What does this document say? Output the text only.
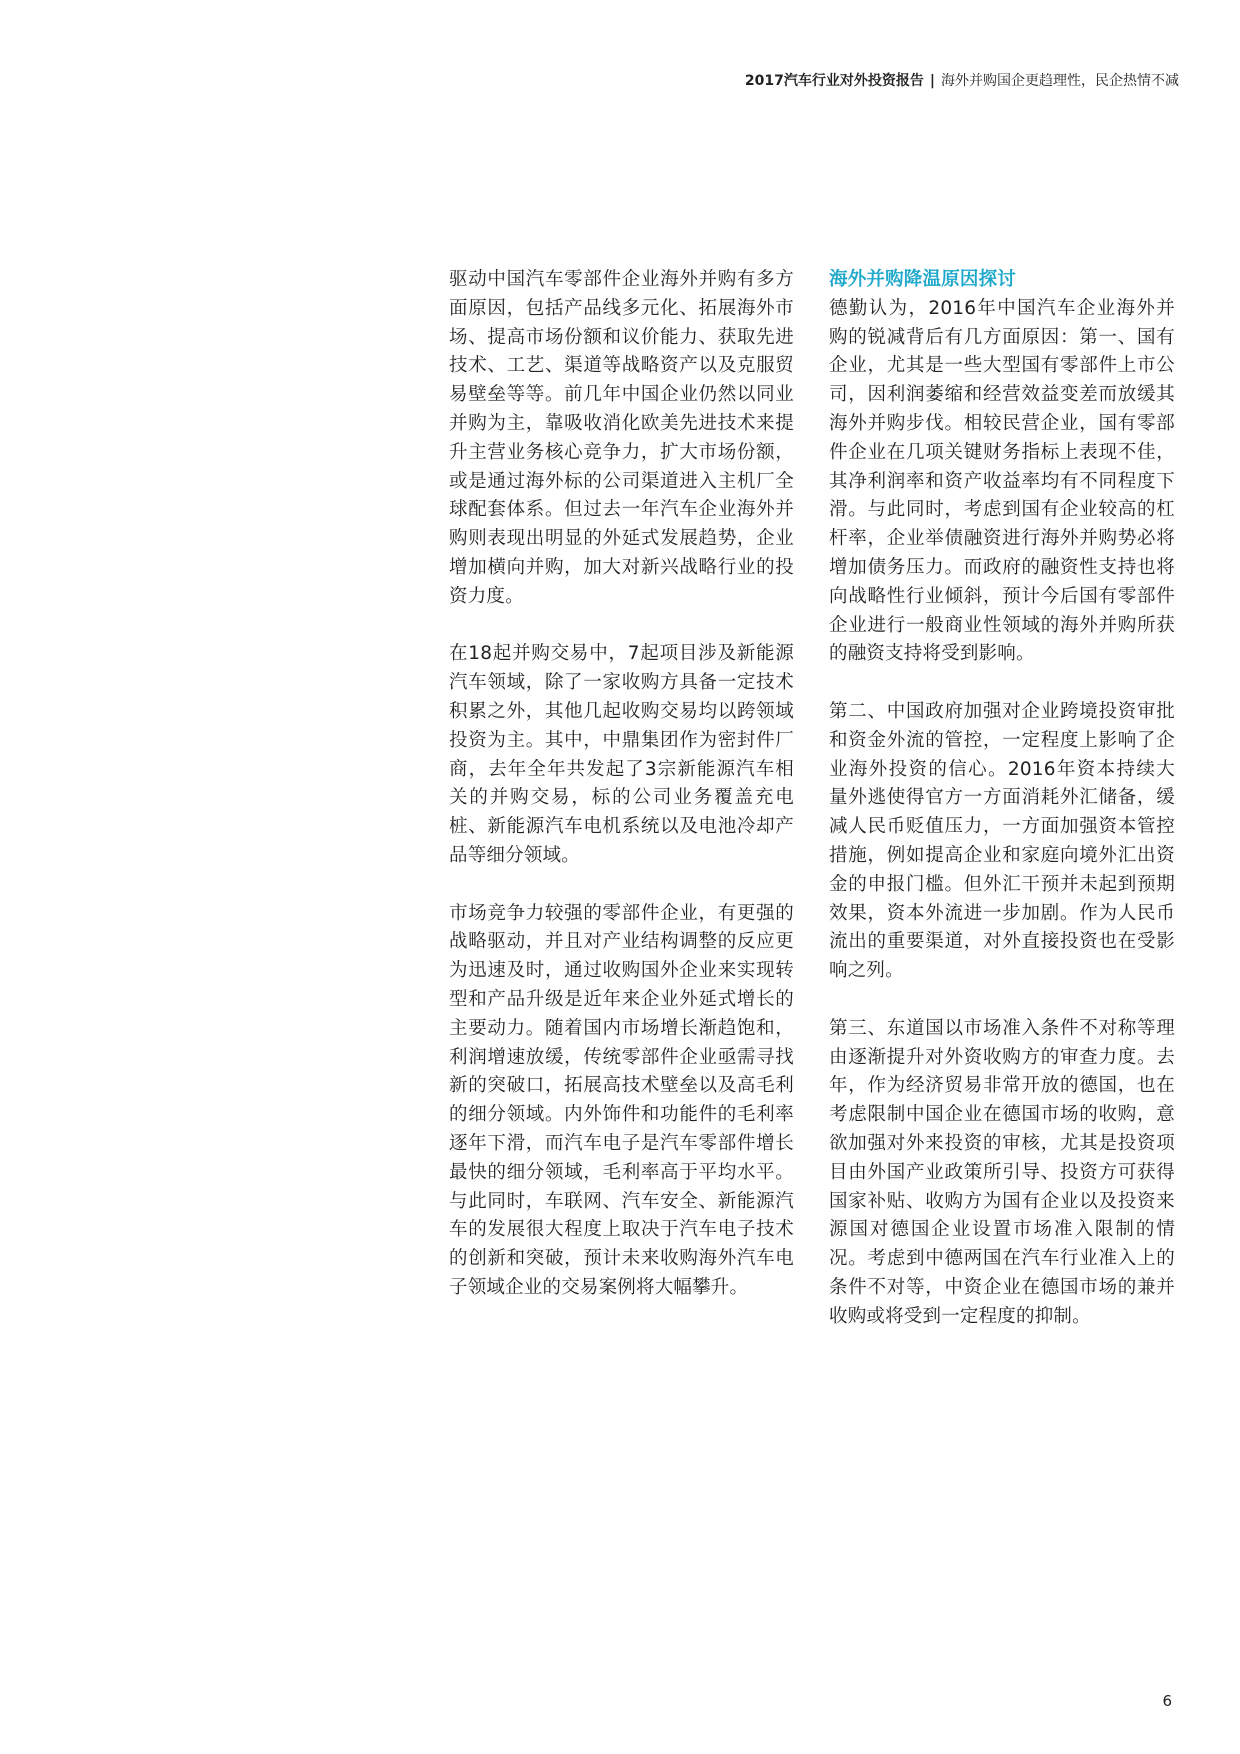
2017汽车行业对外投资报告 | 海外并购国企更趋理性，民企热情不减

驱动中国汽车零部件企业海外并购有多方面原因，包括产品线多元化、拓展海外市场、提高市场份额和议价能力、获取先进技术、工艺、渠道等战略资产以及克服贸易壁垒等等。前几年中国企业仍然以同业并购为主，靠吸收消化欧美先进技术来提升主营业务核心竞争力，扩大市场份额，或是通过海外标的公司渠道进入主机厂全球配套体系。但过去一年汽车企业海外并购则表现出明显的外延式发展趋势，企业增加横向并购，加大对新兴战略行业的投资力度。

在18起并购交易中，7起项目涉及新能源汽车领域，除了一家收购方具备一定技术积累之外，其他几起收购交易均以跨领域投资为主。其中，中鼎集团作为密封件厂商，去年全年共发起了3宗新能源汽车相关的并购交易，标的公司业务覆盖充电桩、新能源汽车电机系统以及电池冷却产品等细分领域。

市场竞争力较强的零部件企业，有更强的战略驱动，并且对产业结构调整的反应更为迅速及时，通过收购国外企业来实现转型和产品升级是近年来企业外延式增长的主要动力。随着国内市场增长渐趋饱和，利润增速放缓，传统零部件企业亟需寻找新的突破口，拓展高技术壁垒以及高毛利的细分领域。内外饰件和功能件的毛利率逐年下滑，而汽车电子是汽车零部件增长最快的细分领域，毛利率高于平均水平。与此同时，车联网、汽车安全、新能源汽车的发展很大程度上取决于汽车电子技术的创新和突破，预计未来收购海外汽车电子领域企业的交易案例将大幅攀升。

海外并购降温原因探讨

德勤认为，2016年中国汽车企业海外并购的锐减背后有几方面原因：第一、国有企业，尤其是一些大型国有零部件上市公司，因利润萎缩和经营效益变差而放缓其海外并购步伐。相较民营企业，国有零部件企业在几项关键财务指标上表现不佳，其净利润率和资产收益率均有不同程度下滑。与此同时，考虑到国有企业较高的杠杆率，企业举债融资进行海外并购势必将增加债务压力。而政府的融资性支持也将向战略性行业倾斜，预计今后国有零部件企业进行一般商业性领域的海外并购所获的融资支持将受到影响。

第二、中国政府加强对企业跨境投资审批和资金外流的管控，一定程度上影响了企业海外投资的信心。2016年资本持续大量外逃使得官方一方面消耗外汇储备，缓减人民币贬值压力，一方面加强资本管控措施，例如提高企业和家庭向境外汇出资金的申报门槛。但外汇干预并未起到预期效果，资本外流进一步加剧。作为人民币流出的重要渠道，对外直接投资也在受影响之列。

第三、东道国以市场准入条件不对称等理由逐渐提升对外资收购方的审查力度。去年，作为经济贸易非常开放的德国，也在考虑限制中国企业在德国市场的收购，意欲加强对外来投资的审核，尤其是投资项目由外国产业政策所引导、投资方可获得国家补贴、收购方为国有企业以及投资来源国对德国企业设置市场准入限制的情况。考虑到中德两国在汽车行业准入上的条件不对等，中资企业在德国市场的兼并收购或将受到一定程度的抑制。

6
